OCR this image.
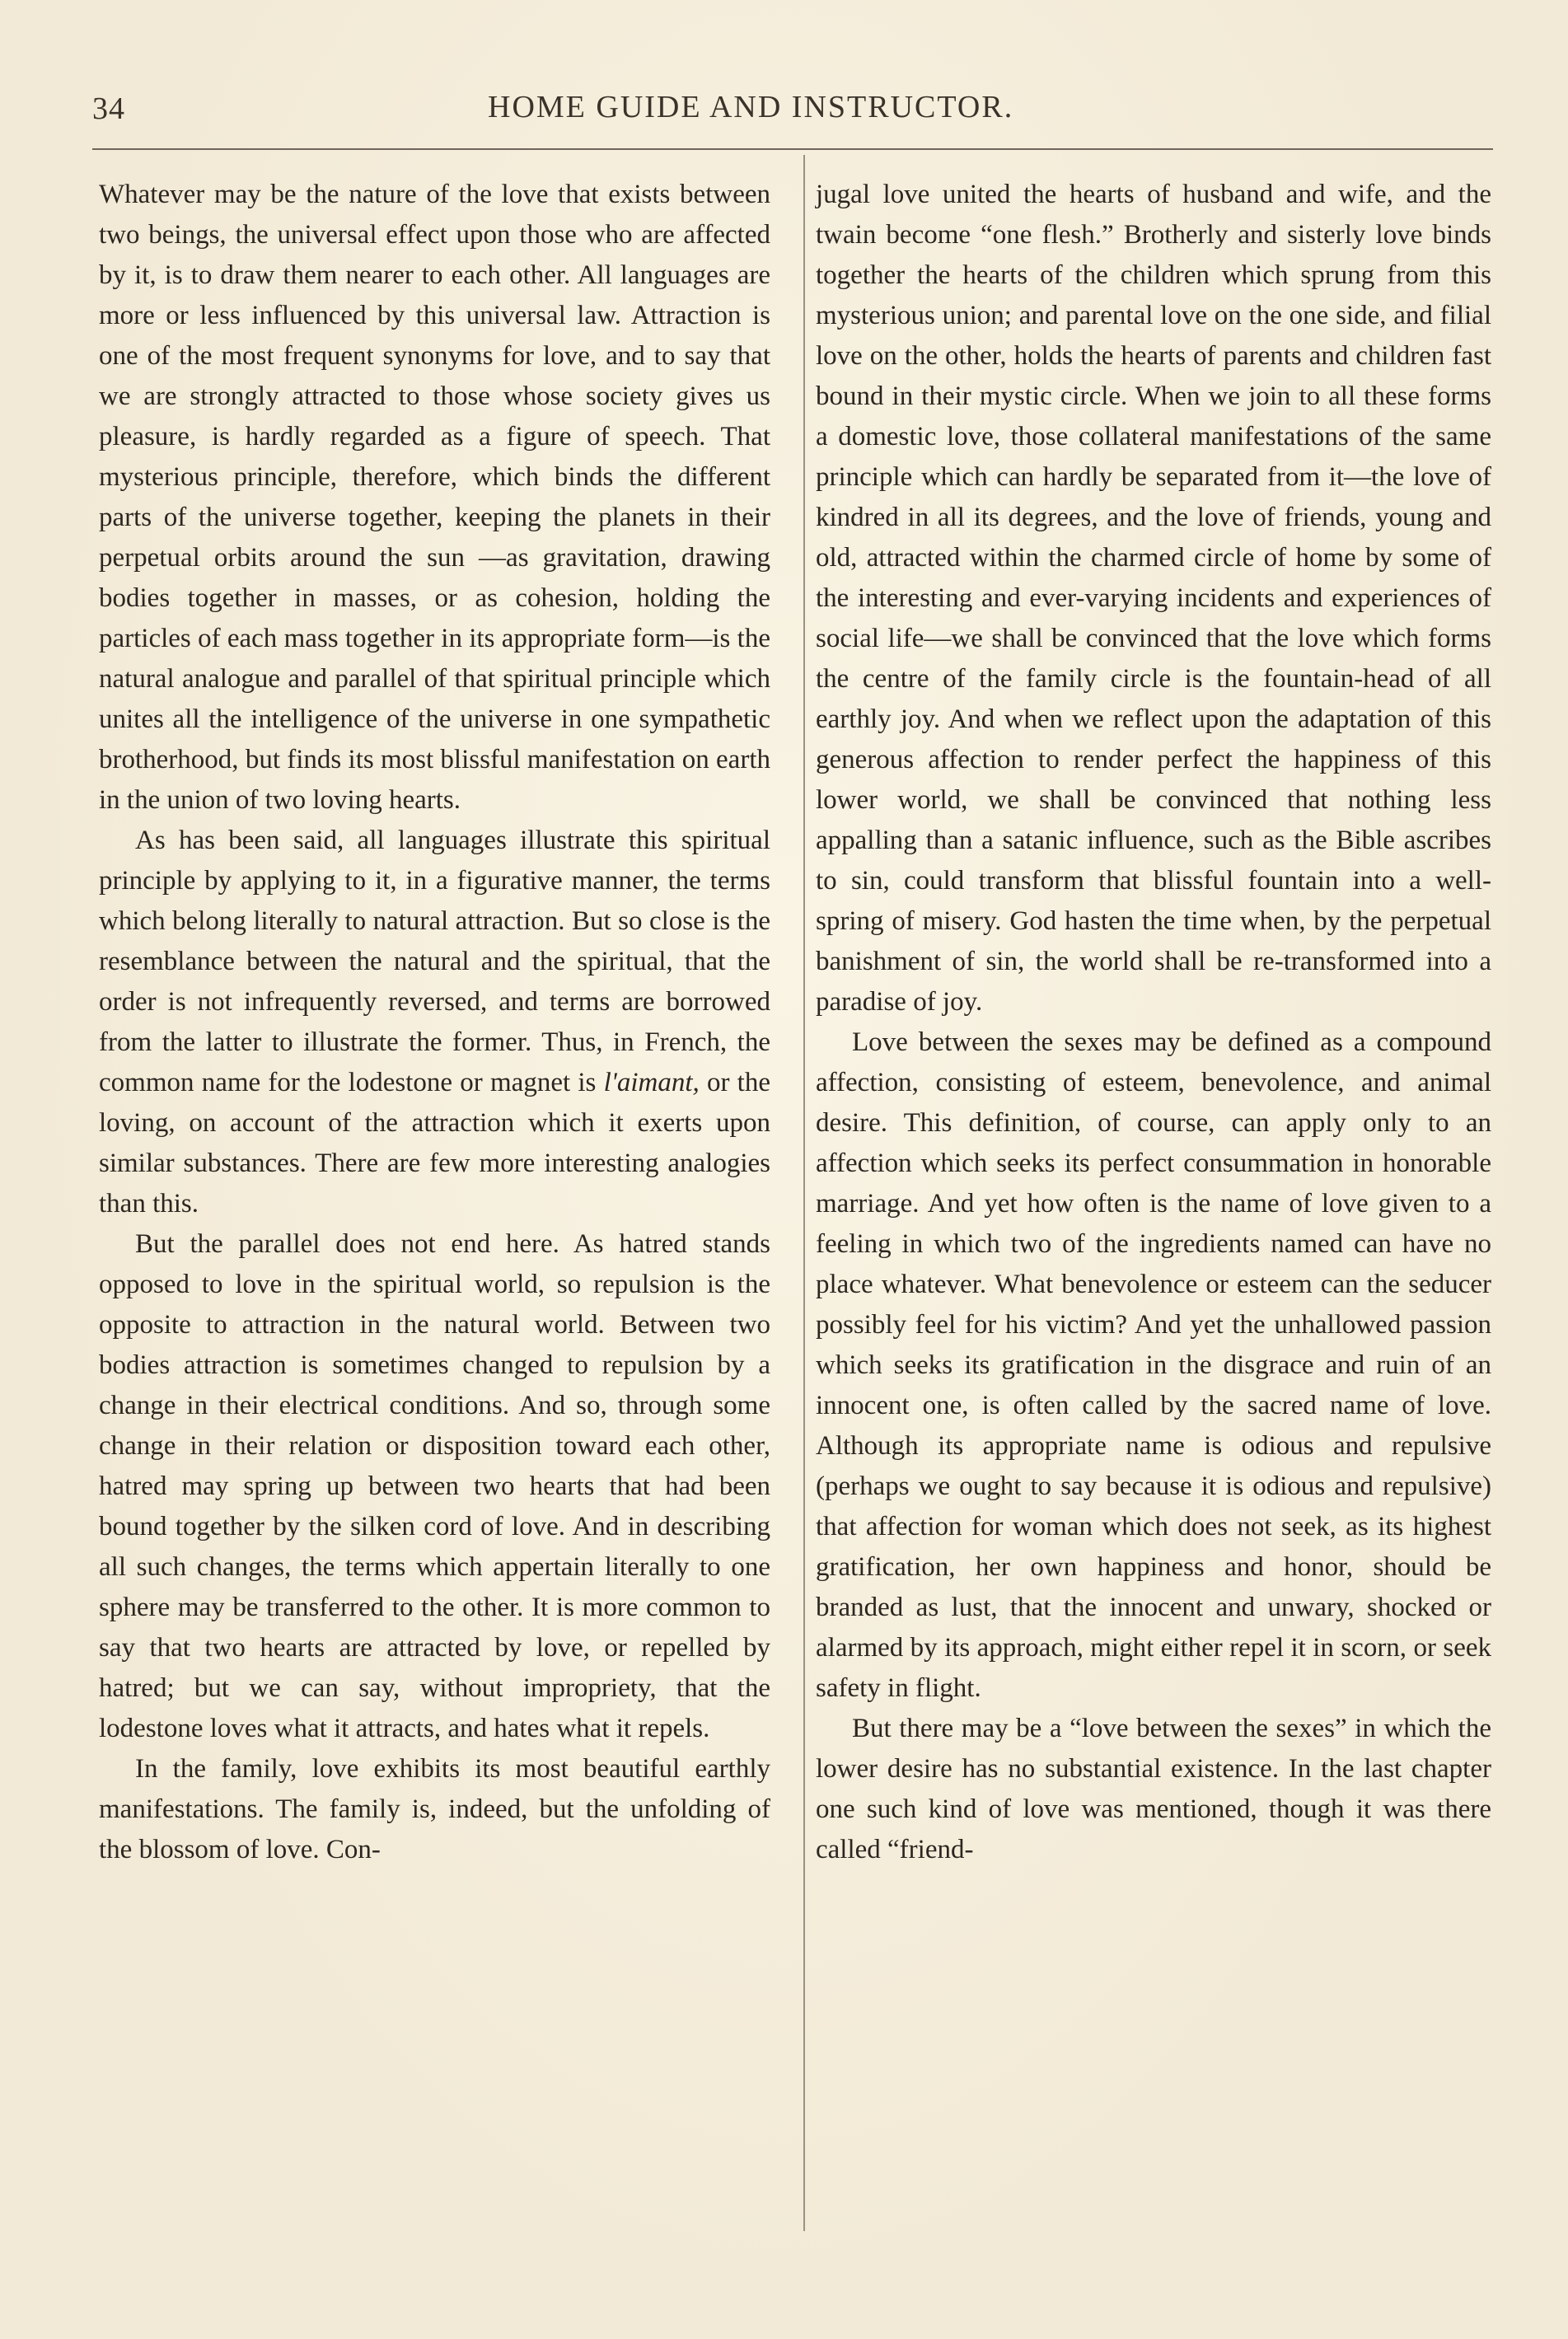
34	HOME GUIDE AND INSTRUCTOR.

Whatever may be the nature of the love that exists between two beings, the universal effect upon those who are affected by it, is to draw them nearer to each other. All languages are more or less influenced by this universal law. Attraction is one of the most frequent synonyms for love, and to say that we are strongly attracted to those whose society gives us pleasure, is hardly regarded as a figure of speech. That mysterious principle, therefore, which binds the different parts of the universe together, keeping the planets in their perpetual orbits around the sun —as gravitation, drawing bodies together in masses, or as cohesion, holding the particles of each mass together in its appropriate form—is the natural analogue and parallel of that spiritual principle which unites all the intelligence of the universe in one sympathetic brotherhood, but finds its most blissful manifestation on earth in the union of two loving hearts.

As has been said, all languages illustrate this spiritual principle by applying to it, in a figurative manner, the terms which belong literally to natural attraction. But so close is the resemblance between the natural and the spiritual, that the order is not infrequently reversed, and terms are borrowed from the latter to illustrate the former. Thus, in French, the common name for the lodestone or magnet is l'aimant, or the loving, on account of the attraction which it exerts upon similar substances. There are few more interesting analogies than this.

But the parallel does not end here. As hatred stands opposed to love in the spiritual world, so repulsion is the opposite to attraction in the natural world. Between two bodies attraction is sometimes changed to repulsion by a change in their electrical conditions. And so, through some change in their relation or disposition toward each other, hatred may spring up between two hearts that had been bound together by the silken cord of love. And in describing all such changes, the terms which appertain literally to one sphere may be transferred to the other. It is more common to say that two hearts are attracted by love, or repelled by hatred; but we can say, without impropriety, that the lodestone loves what it attracts, and hates what it repels.

In the family, love exhibits its most beautiful earthly manifestations. The family is, indeed, but the unfolding of the blossom of love. Con-

jugal love united the hearts of husband and wife, and the twain become “one flesh.” Brotherly and sisterly love binds together the hearts of the children which sprung from this mysterious union; and parental love on the one side, and filial love on the other, holds the hearts of parents and children fast bound in their mystic circle. When we join to all these forms a domestic love, those collateral manifestations of the same principle which can hardly be separated from it—the love of kindred in all its degrees, and the love of friends, young and old, attracted within the charmed circle of home by some of the interesting and ever-varying incidents and experiences of social life—we shall be convinced that the love which forms the centre of the family circle is the fountain-head of all earthly joy. And when we reflect upon the adaptation of this generous affection to render perfect the happiness of this lower world, we shall be convinced that nothing less appalling than a satanic influence, such as the Bible ascribes to sin, could transform that blissful fountain into a well-spring of misery. God hasten the time when, by the perpetual banishment of sin, the world shall be re-transformed into a paradise of joy.

Love between the sexes may be defined as a compound affection, consisting of esteem, benevolence, and animal desire. This definition, of course, can apply only to an affection which seeks its perfect consummation in honorable marriage. And yet how often is the name of love given to a feeling in which two of the ingredients named can have no place whatever. What benevolence or esteem can the seducer possibly feel for his victim? And yet the unhallowed passion which seeks its gratification in the disgrace and ruin of an innocent one, is often called by the sacred name of love. Although its appropriate name is odious and repulsive (perhaps we ought to say because it is odious and repulsive) that affection for woman which does not seek, as its highest gratification, her own happiness and honor, should be branded as lust, that the innocent and unwary, shocked or alarmed by its approach, might either repel it in scorn, or seek safety in flight.

But there may be a “love between the sexes” in which the lower desire has no substantial existence. In the last chapter one such kind of love was mentioned, though it was there called “friend-
